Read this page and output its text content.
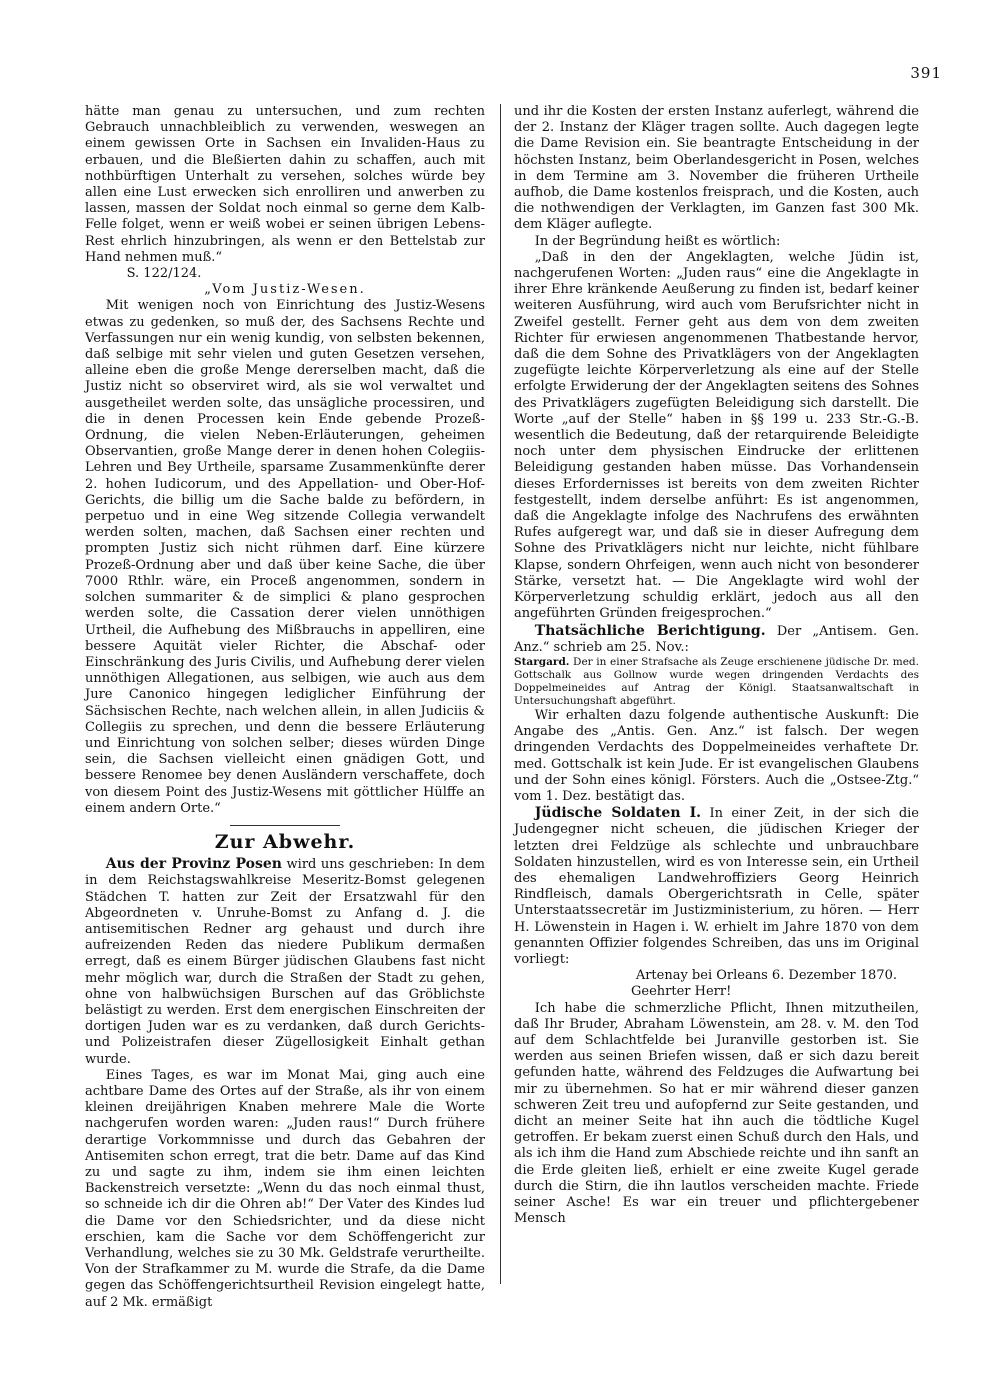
391

hätte man genau zu untersuchen, und zum rechten Gebrauch unnachbleiblich zu verwenden, weswegen an einem gewissen Orte in Sachsen ein Invaliden-Haus zu erbauen, und die Bleßierten dahin zu schaffen, auch mit nothbürftigen Unterhalt zu versehen, solches würde bey allen eine Lust erwecken sich enrolliren und anwerben zu lassen, massen der Soldat noch einmal so gerne dem Kalb-Felle folget, wenn er weiß wobei er seinen übrigen Lebens-Rest ehrlich hinzubringen, als wenn er den Bettelstab zur Hand nehmen muß.“

S. 122/124.

„Vom Justiz-Wesen.

Mit wenigen noch von Einrichtung des Justiz-Wesens etwas zu gedenken, so muß der, des Sachsens Rechte und Verfassungen nur ein wenig kundig, von selbsten bekennen, daß selbige mit sehr vielen und guten Gesetzen versehen, alleine eben die große Menge dererselben macht, daß die Justiz nicht so observiret wird, als sie wol verwaltet und ausgetheilet werden solte, das unsägliche processiren, und die in denen Processen kein Ende gebende Prozeß-Ordnung, die vielen Neben-Erläuterungen, geheimen Observantien, große Mange derer in denen hohen Colegiis-Lehren und Bey Urtheile, sparsame Zusammenkünfte derer 2. hohen Iudicorum, und des Appellation- und Ober-Hof-Gerichts, die billig um die Sache balde zu befördern, in perpetuo und in eine Weg sitzende Collegia verwandelt werden solten, machen, daß Sachsen einer rechten und prompten Justiz sich nicht rühmen darf. Eine kürzere Prozeß-Ordnung aber und daß über keine Sache, die über 7000 Rthlr. wäre, ein Proceß angenommen, sondern in solchen summariter & de simplici & plano gesprochen werden solte, die Cassation derer vielen unnöthigen Urtheil, die Aufhebung des Mißbrauchs in appelliren, eine bessere Aquität vieler Richter, die Abschaf- oder Einschränkung des Juris Civilis, und Aufhebung derer vielen unnöthigen Allegationen, aus selbigen, wie auch aus dem Jure Canonico hingegen lediglicher Einführung der Sächsischen Rechte, nach welchen allein, in allen Judiciis & Collegiis zu sprechen, und denn die bessere Erläuterung und Einrichtung von solchen selber; dieses würden Dinge sein, die Sachsen vielleicht einen gnädigen Gott, und bessere Renomee bey denen Ausländern verschaffete, doch von diesem Point des Justiz-Wesens mit göttlicher Hülffe an einem andern Orte.“

Zur Abwehr.

Aus der Provinz Posen wird uns geschrieben: In dem in dem Reichstagswahlkreise Meseritz-Bomst gelegenen Städchen T. hatten zur Zeit der Ersatzwahl für den Abgeordneten v. Unruhe-Bomst zu Anfang d. J. die antisemitischen Redner arg gehaust und durch ihre aufreizenden Reden das niedere Publikum dermaßen erregt, daß es einem Bürger jüdischen Glaubens fast nicht mehr möglich war, durch die Straßen der Stadt zu gehen, ohne von halbwüchsigen Burschen auf das Gröblichste belästigt zu werden. Erst dem energischen Einschreiten der dortigen Juden war es zu verdanken, daß durch Gerichts- und Polizeistrafen dieser Zügellosigkeit Einhalt gethan wurde.

Eines Tages, es war im Monat Mai, ging auch eine achtbare Dame des Ortes auf der Straße, als ihr von einem kleinen dreijährigen Knaben mehrere Male die Worte nachgerufen worden waren: „Juden raus!“ Durch frühere derartige Vorkommnisse und durch das Gebahren der Antisemiten schon erregt, trat die betr. Dame auf das Kind zu und sagte zu ihm, indem sie ihm einen leichten Backenstreich versetzte: „Wenn du das noch einmal thust, so schneide ich dir die Ohren ab!“ Der Vater des Kindes lud die Dame vor den Schiedsrichter, und da diese nicht erschien, kam die Sache vor dem Schöffengericht zur Verhandlung, welches sie zu 30 Mk. Geldstrafe verurtheilte. Von der Strafkammer zu M. wurde die Strafe, da die Dame gegen das Schöffengerichtsurtheil Revision eingelegt hatte, auf 2 Mk. ermäßigt

und ihr die Kosten der ersten Instanz auferlegt, während die der 2. Instanz der Kläger tragen sollte. Auch dagegen legte die Dame Revision ein. Sie beantragte Entscheidung in der höchsten Instanz, beim Oberlandesgericht in Posen, welches in dem Termine am 3. November die früheren Urtheile aufhob, die Dame kostenlos freisprach, und die Kosten, auch die nothwendigen der Verklagten, im Ganzen fast 300 Mk. dem Kläger auflegte.

In der Begründung heißt es wörtlich:

„Daß in den der Angeklagten, welche Jüdin ist, nachgerufenen Worten: „Juden raus“ eine die Angeklagte in ihrer Ehre kränkende Aeußerung zu finden ist, bedarf keiner weiteren Ausführung, wird auch vom Berufsrichter nicht in Zweifel gestellt. Ferner geht aus dem von dem zweiten Richter für erwiesen angenommenen Thatbestande hervor, daß die dem Sohne des Privatklägers von der Angeklagten zugefügte leichte Körperverletzung als eine auf der Stelle erfolgte Erwiderung der der Angeklagten seitens des Sohnes des Privatklägers zugefügten Beleidigung sich darstellt. Die Worte „auf der Stelle“ haben in §§ 199 u. 233 Str.-G.-B. wesentlich die Bedeutung, daß der retarquirende Beleidigte noch unter dem physischen Eindrucke der erlittenen Beleidigung gestanden haben müsse. Das Vorhandensein dieses Erfordernisses ist bereits von dem zweiten Richter festgestellt, indem derselbe anführt: Es ist angenommen, daß die Angeklagte infolge des Nachrufens des erwähnten Rufes aufgeregt war, und daß sie in dieser Aufregung dem Sohne des Privatklägers nicht nur leichte, nicht fühlbare Klapse, sondern Ohrfeigen, wenn auch nicht von besonderer Stärke, versetzt hat. — Die Angeklagte wird wohl der Körperverletzung schuldig erklärt, jedoch aus all den angeführten Gründen freigesprochen.“

Thatsächliche Berichtigung. Der „Antisem. Gen. Anz.“ schrieb am 25. Nov.:

Stargard. Der in einer Strafsache als Zeuge erschienene jüdische Dr. med. Gottschalk aus Gollnow wurde wegen dringenden Verdachts des Doppelmeineides auf Antrag der Königl. Staatsanwaltschaft in Untersuchungshaft abgeführt.

Wir erhalten dazu folgende authentische Auskunft: Die Angabe des „Antis. Gen. Anz.“ ist falsch. Der wegen dringenden Verdachts des Doppelmeineides verhaftete Dr. med. Gottschalk ist kein Jude. Er ist evangelischen Glaubens und der Sohn eines königl. Försters. Auch die „Ostsee-Ztg.“ vom 1. Dez. bestätigt das.

Jüdische Soldaten I. In einer Zeit, in der sich die Judengegner nicht scheuen, die jüdischen Krieger der letzten drei Feldzüge als schlechte und unbrauchbare Soldaten hinzustellen, wird es von Interesse sein, ein Urtheil des ehemaligen Landwehroffiziers Georg Heinrich Rindfleisch, damals Obergerichtsrath in Celle, später Unterstaatssecretär im Justizministerium, zu hören. — Herr H. Löwenstein in Hagen i. W. erhielt im Jahre 1870 von dem genannten Offizier folgendes Schreiben, das uns im Original vorliegt:

Artenay bei Orleans 6. Dezember 1870.

Geehrter Herr!

Ich habe die schmerzliche Pflicht, Ihnen mitzutheilen, daß Ihr Bruder, Abraham Löwenstein, am 28. v. M. den Tod auf dem Schlachtfelde bei Juranville gestorben ist. Sie werden aus seinen Briefen wissen, daß er sich dazu bereit gefunden hatte, während des Feldzuges die Aufwartung bei mir zu übernehmen. So hat er mir während dieser ganzen schweren Zeit treu und aufopfernd zur Seite gestanden, und dicht an meiner Seite hat ihn auch die tödtliche Kugel getroffen. Er bekam zuerst einen Schuß durch den Hals, und als ich ihm die Hand zum Abschiede reichte und ihn sanft an die Erde gleiten ließ, erhielt er eine zweite Kugel gerade durch die Stirn, die ihn lautlos verscheiden machte. Friede seiner Asche! Es war ein treuer und pflichtergebener Mensch
